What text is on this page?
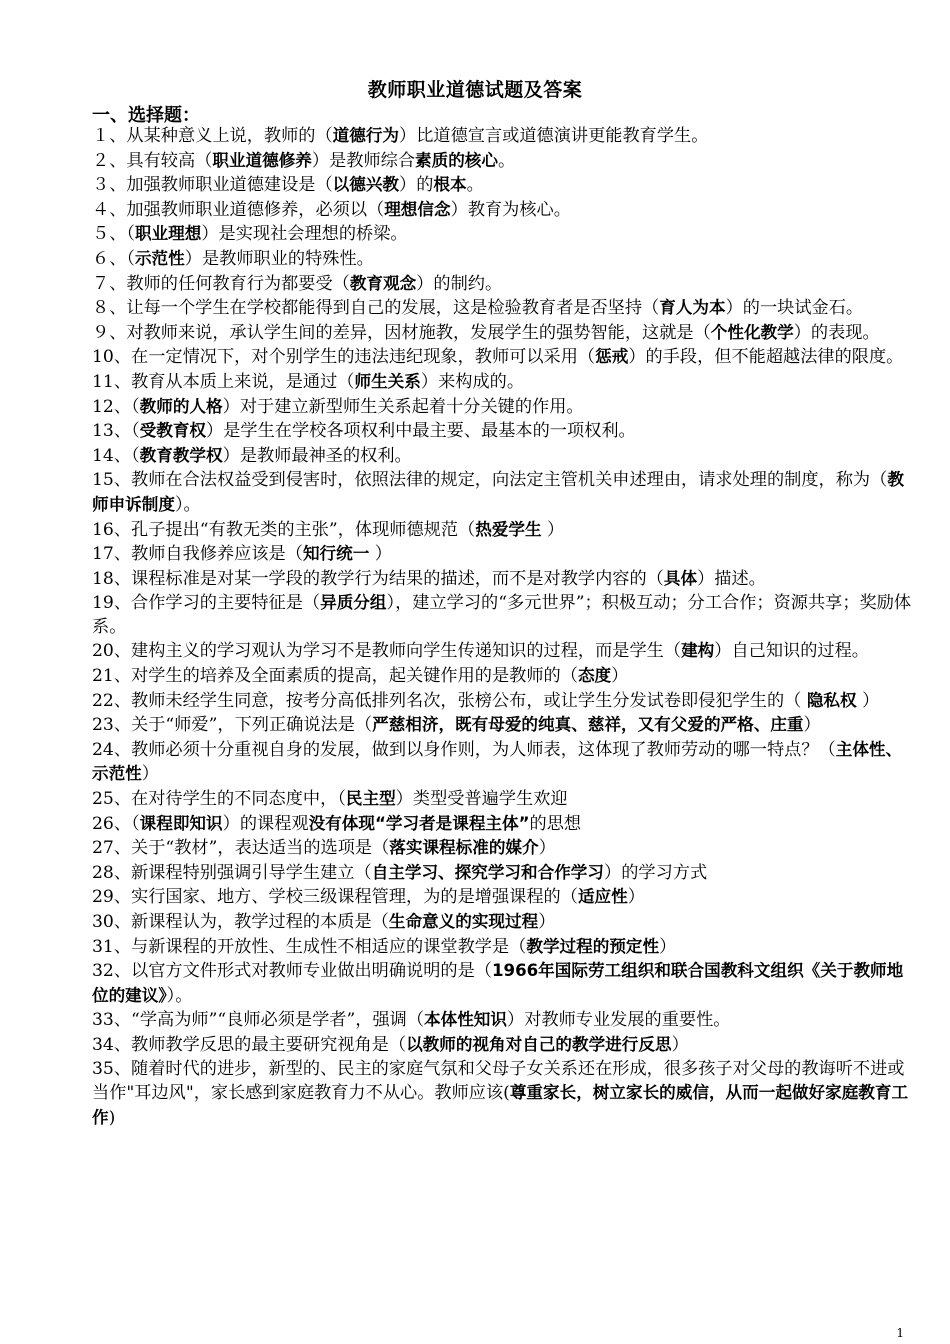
教师职业道德试题及答案
一、选择题：
１、从某种意义上说，教师的（道德行为）比道德宣言或道德演讲更能教育学生。
２、具有较高（职业道德修养）是教师综合素质的核心。
３、加强教师职业道德建设是（以德兴教）的根本。
４、加强教师职业道德修养，必须以（理想信念）教育为核心。
５、（职业理想）是实现社会理想的桥梁。
６、（示范性）是教师职业的特殊性。
７、教师的任何教育行为都要受（教育观念）的制约。
８、让每一个学生在学校都能得到自己的发展，这是检验教育者是否坚持（育人为本）的一块试金石。
９、对教师来说，承认学生间的差异，因材施教，发展学生的强势智能，这就是（个性化教学）的表现。
10、在一定情况下，对个别学生的违法违纪现象，教师可以采用（惩戒）的手段，但不能超越法律的限度。
11、教育从本质上来说，是通过（师生关系）来构成的。
12、（教师的人格）对于建立新型师生关系起着十分关键的作用。
13、（受教育权）是学生在学校各项权利中最主要、最基本的一项权利。
14、（教育教学权）是教师最神圣的权利。
15、教师在合法权益受到侵害时，依照法律的规定，向法定主管机关申述理由，请求处理的制度，称为（教师申诉制度）。
16、孔子提出“有教无类的主张”，体现师德规范（热爱学生 ）
17、教师自我修养应该是（知行统一 ）
18、课程标准是对某一学段的教学行为结果的描述，而不是对教学内容的（具体）描述。
19、合作学习的主要特征是（异质分组），建立学习的“多元世界”；积极互动；分工合作；资源共享；奖励体系。
20、建构主义的学习观认为学习不是教师向学生传递知识的过程，而是学生（建构）自己知识的过程。
21、对学生的培养及全面素质的提高，起关键作用的是教师的（态度）
22、教师未经学生同意，按考分高低排列名次，张榜公布，或让学生分发试卷即侵犯学生的（ 隐私权 ）
23、关于“师爱”，下列正确说法是（严慈相济，既有母爱的纯真、慈祥，又有父爱的严格、庄重）
24、教师必须十分重视自身的发展，做到以身作则，为人师表，这体现了教师劳动的哪一特点？（主体性、示范性）
25、在对待学生的不同态度中，（民主型）类型受普遍学生欢迎
26、（课程即知识）的课程观没有体现“学习者是课程主体”的思想
27、关于“教材”，表达适当的选项是（落实课程标准的媒介）
28、新课程特别强调引导学生建立（自主学习、探究学习和合作学习）的学习方式
29、实行国家、地方、学校三级课程管理，为的是增强课程的（适应性）
30、新课程认为，教学过程的本质是（生命意义的实现过程）
31、与新课程的开放性、生成性不相适应的课堂教学是（教学过程的预定性）
32、以官方文件形式对教师专业做出明确说明的是（1966年国际劳工组织和联合国教科文组织《关于教师地位的建议》）。
33、“学高为师”“良师必须是学者”，强调（本体性知识）对教师专业发展的重要性。
34、教师教学反思的最主要研究视角是（以教师的视角对自己的教学进行反思）
35、随着时代的进步，新型的、民主的家庭气氛和父母子女关系还在形成，很多孩子对父母的教诲听不进或当作"耳边风"，家长感到家庭教育力不从心。教师应该(尊重家长，树立家长的威信，从而一起做好家庭教育工作)
1
